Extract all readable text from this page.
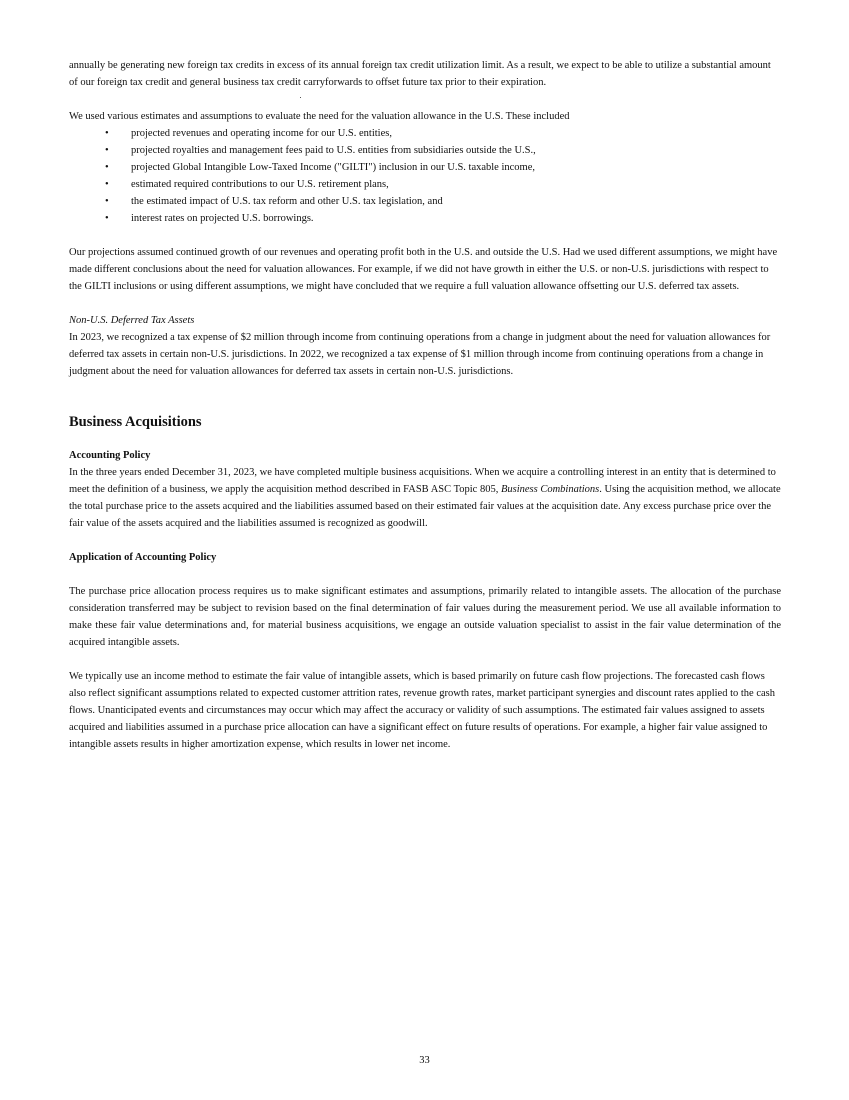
annually be generating new foreign tax credits in excess of its annual foreign tax credit utilization limit. As a result, we expect to be able to utilize a substantial amount of our foreign tax credit and general business tax credit carryforwards to offset future tax prior to their expiration.

We used various estimates and assumptions to evaluate the need for the valuation allowance in the U.S. These included

• projected revenues and operating income for our U.S. entities,
• projected royalties and management fees paid to U.S. entities from subsidiaries outside the U.S.,
• projected Global Intangible Low-Taxed Income ("GILTI") inclusion in our U.S. taxable income,
• estimated required contributions to our U.S. retirement plans,
• the estimated impact of U.S. tax reform and other U.S. tax legislation, and
• interest rates on projected U.S. borrowings.

Our projections assumed continued growth of our revenues and operating profit both in the U.S. and outside the U.S. Had we used different assumptions, we might have made different conclusions about the need for valuation allowances. For example, if we did not have growth in either the U.S. or non-U.S. jurisdictions with respect to the GILTI inclusions or using different assumptions, we might have concluded that we require a full valuation allowance offsetting our U.S. deferred tax assets.

Non-U.S. Deferred Tax Assets

In 2023, we recognized a tax expense of $2 million through income from continuing operations from a change in judgment about the need for valuation allowances for deferred tax assets in certain non-U.S. jurisdictions. In 2022, we recognized a tax expense of $1 million through income from continuing operations from a change in judgment about the need for valuation allowances for deferred tax assets in certain non-U.S. jurisdictions.

Business Acquisitions
Accounting Policy

In the three years ended December 31, 2023, we have completed multiple business acquisitions. When we acquire a controlling interest in an entity that is determined to meet the definition of a business, we apply the acquisition method described in FASB ASC Topic 805, Business Combinations. Using the acquisition method, we allocate the total purchase price to the assets acquired and the liabilities assumed based on their estimated fair values at the acquisition date. Any excess purchase price over the fair value of the assets acquired and the liabilities assumed is recognized as goodwill.

Application of Accounting Policy

The purchase price allocation process requires us to make significant estimates and assumptions, primarily related to intangible assets. The allocation of the purchase consideration transferred may be subject to revision based on the final determination of fair values during the measurement period. We use all available information to make these fair value determinations and, for material business acquisitions, we engage an outside valuation specialist to assist in the fair value determination of the acquired intangible assets.

We typically use an income method to estimate the fair value of intangible assets, which is based primarily on future cash flow projections. The forecasted cash flows also reflect significant assumptions related to expected customer attrition rates, revenue growth rates, market participant synergies and discount rates applied to the cash flows. Unanticipated events and circumstances may occur which may affect the accuracy or validity of such assumptions. The estimated fair values assigned to assets acquired and liabilities assumed in a purchase price allocation can have a significant effect on future results of operations. For example, a higher fair value assigned to intangible assets results in higher amortization expense, which results in lower net income.

33
